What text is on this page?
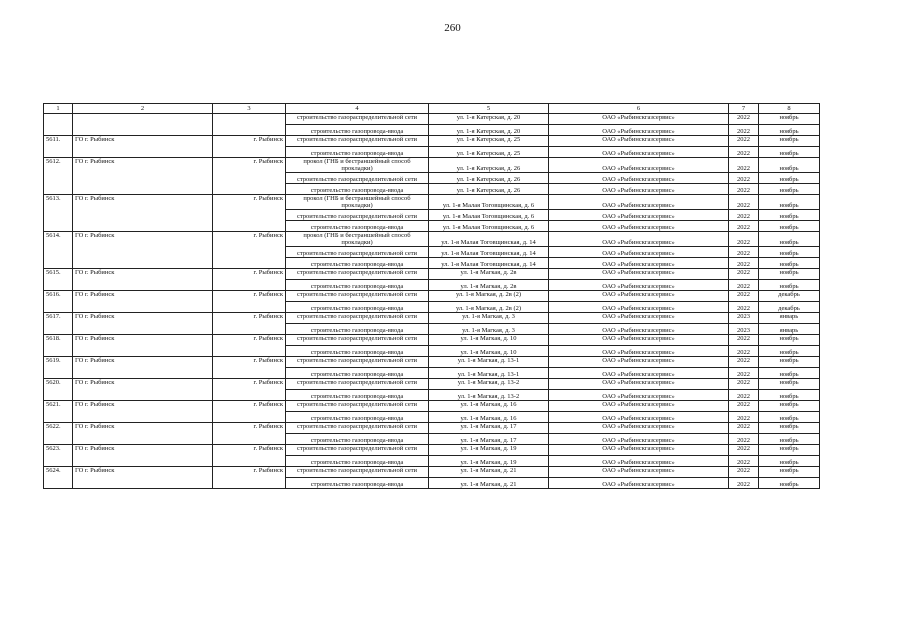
260
1	2	3	4	5	6	7	8
			строительство газораспределительной сети	ул. 1-я Катерская, д. 20	ОАО «Рыбинскгазсервис»	2022	ноябрь
			строительство газопровода-ввода	ул. 1-я Катерская, д. 20	ОАО «Рыбинскгазсервис»	2022	ноябрь
5611.	ГО г. Рыбинск	г. Рыбинск	строительство газораспределительной сети	ул. 1-я Катерская, д. 25	ОАО «Рыбинскгазсервис»	2022	ноябрь
			строительство газопровода-ввода	ул. 1-я Катерская, д. 25	ОАО «Рыбинскгазсервис»	2022	ноябрь
5612.	ГО г. Рыбинск	г. Рыбинск	прокол (ГНБ и бестраншейный способ прокладки)	ул. 1-я Катерская, д. 26	ОАО «Рыбинскгазсервис»	2022	ноябрь
			строительство газораспределительной сети	ул. 1-я Катерская, д. 26	ОАО «Рыбинскгазсервис»	2022	ноябрь
			строительство газопровода-ввода	ул. 1-я Катерская, д. 26	ОАО «Рыбинскгазсервис»	2022	ноябрь
5613.	ГО г. Рыбинск	г. Рыбинск	прокол (ГНБ и бестраншейный способ прокладки)	ул. 1-я Малая Тоговщинская, д. 6	ОАО «Рыбинскгазсервис»	2022	ноябрь
			строительство газораспределительной сети	ул. 1-я Малая Тоговщинская, д. 6	ОАО «Рыбинскгазсервис»	2022	ноябрь
			строительство газопровода-ввода	ул. 1-я Малая Тоговщинская, д. 6	ОАО «Рыбинскгазсервис»	2022	ноябрь
5614.	ГО г. Рыбинск	г. Рыбинск	прокол (ГНБ и бестраншейный способ прокладки)	ул. 1-я Малая Тоговщинская, д. 14	ОАО «Рыбинскгазсервис»	2022	ноябрь
			строительство газораспределительной сети	ул. 1-я Малая Тоговщинская, д. 14	ОАО «Рыбинскгазсервис»	2022	ноябрь
			строительство газопровода-ввода	ул. 1-я Малая Тоговщинская, д. 14	ОАО «Рыбинскгазсервис»	2022	ноябрь
5615.	ГО г. Рыбинск	г. Рыбинск	строительство газораспределительной сети	ул. 1-я Магкая, д. 2в	ОАО «Рыбинскгазсервис»	2022	ноябрь
			строительство газопровода-ввода	ул. 1-я Магкая, д. 2в	ОАО «Рыбинскгазсервис»	2022	ноябрь
5616.	ГО г. Рыбинск	г. Рыбинск	строительство газораспределительной сети	ул. 1-я Магкая, д. 2в (2)	ОАО «Рыбинскгазсервис»	2022	декабрь
			строительство газопровода-ввода	ул. 1-я Магкая, д. 2в (2)	ОАО «Рыбинскгазсервис»	2022	декабрь
5617.	ГО г. Рыбинск	г. Рыбинск	строительство газораспределительной сети	ул. 1-я Магкая, д. 3	ОАО «Рыбинскгазсервис»	2023	январь
			строительство газопровода-ввода	ул. 1-я Магкая, д. 3	ОАО «Рыбинскгазсервис»	2023	январь
5618.	ГО г. Рыбинск	г. Рыбинск	строительство газораспределительной сети	ул. 1-я Магкая, д. 10	ОАО «Рыбинскгазсервис»	2022	ноябрь
			строительство газопровода-ввода	ул. 1-я Магкая, д. 10	ОАО «Рыбинскгазсервис»	2022	ноябрь
5619.	ГО г. Рыбинск	г. Рыбинск	строительство газораспределительной сети	ул. 1-я Магкая, д. 13-1	ОАО «Рыбинскгазсервис»	2022	ноябрь
			строительство газопровода-ввода	ул. 1-я Магкая, д. 13-1	ОАО «Рыбинскгазсервис»	2022	ноябрь
5620.	ГО г. Рыбинск	г. Рыбинск	строительство газораспределительной сети	ул. 1-я Магкая, д. 13-2	ОАО «Рыбинскгазсервис»	2022	ноябрь
			строительство газопровода-ввода	ул. 1-я Магкая, д. 13-2	ОАО «Рыбинскгазсервис»	2022	ноябрь
5621.	ГО г. Рыбинск	г. Рыбинск	строительство газораспределительной сети	ул. 1-я Магкая, д. 16	ОАО «Рыбинскгазсервис»	2022	ноябрь
			строительство газопровода-ввода	ул. 1-я Магкая, д. 16	ОАО «Рыбинскгазсервис»	2022	ноябрь
5622.	ГО г. Рыбинск	г. Рыбинск	строительство газораспределительной сети	ул. 1-я Магкая, д. 17	ОАО «Рыбинскгазсервис»	2022	ноябрь
			строительство газопровода-ввода	ул. 1-я Магкая, д. 17	ОАО «Рыбинскгазсервис»	2022	ноябрь
5623.	ГО г. Рыбинск	г. Рыбинск	строительство газораспределительной сети	ул. 1-я Магкая, д. 19	ОАО «Рыбинскгазсервис»	2022	ноябрь
			строительство газопровода-ввода	ул. 1-я Магкая, д. 19	ОАО «Рыбинскгазсервис»	2022	ноябрь
5624.	ГО г. Рыбинск	г. Рыбинск	строительство газораспределительной сети	ул. 1-я Магкая, д. 21	ОАО «Рыбинскгазсервис»	2022	ноябрь
			строительство газопровода-ввода	ул. 1-я Магкая, д. 21	ОАО «Рыбинскгазсервис»	2022	ноябрь
